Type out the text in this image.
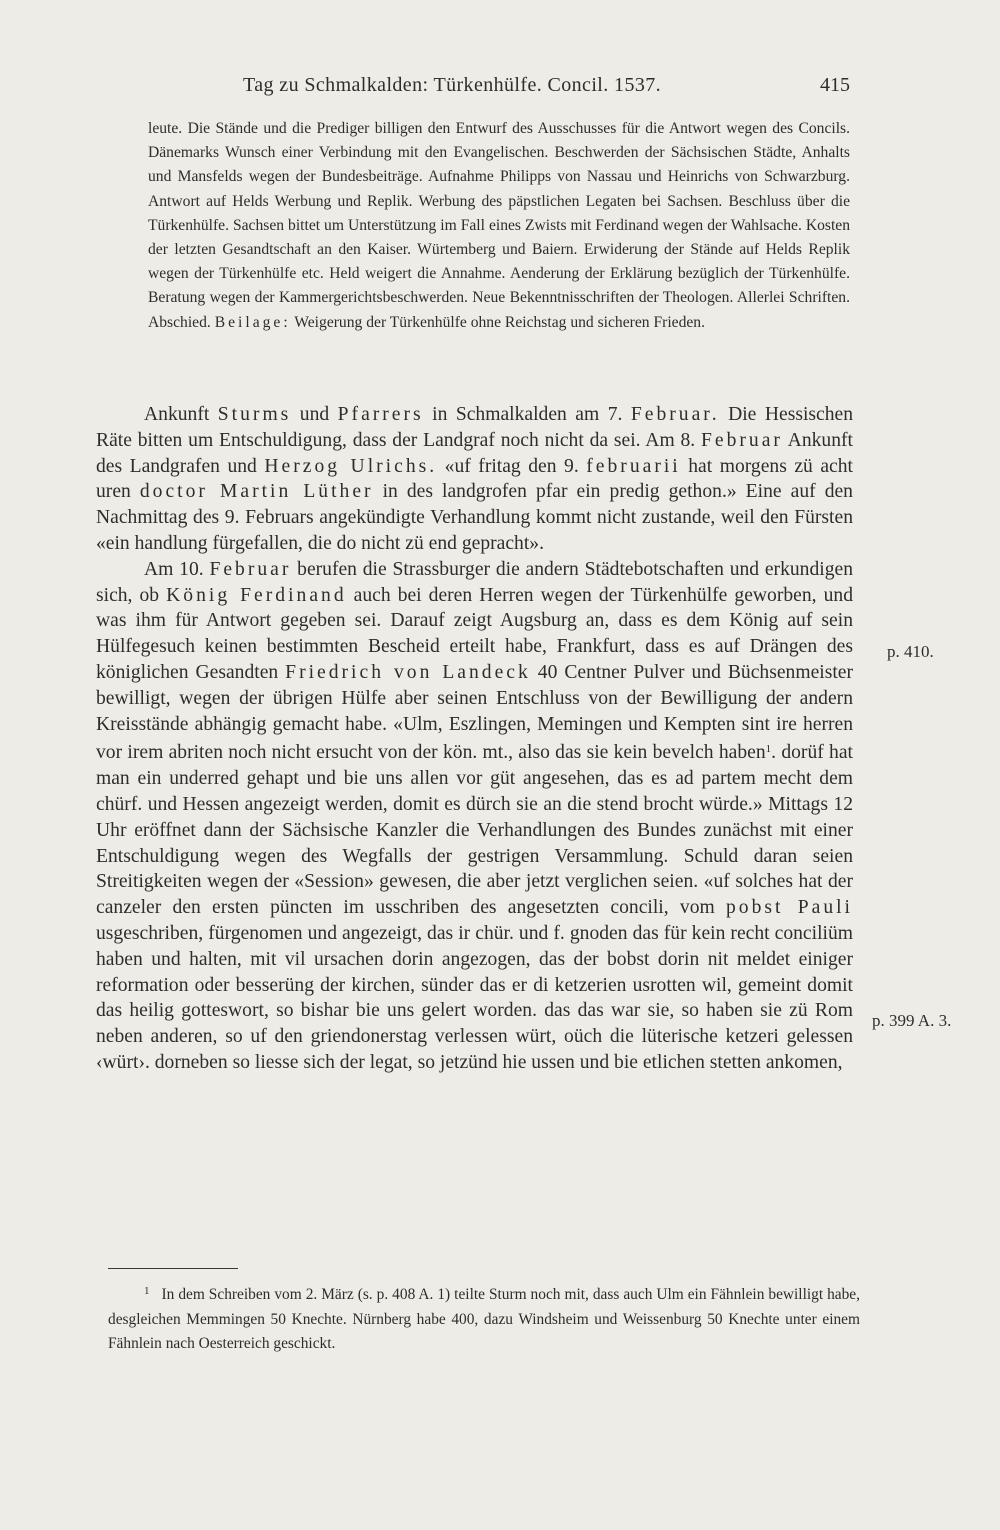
Tag zu Schmalkalden: Türkenhülfe. Concil. 1537.	415

leute. Die Stände und die Prediger billigen den Entwurf des Ausschusses für die Antwort wegen des Concils. Dänemarks Wunsch einer Verbindung mit den Evangelischen. Beschwerden der Sächsischen Städte, Anhalts und Mansfelds wegen der Bundesbeiträge. Aufnahme Philipps von Nassau und Heinrichs von Schwarzburg. Antwort auf Helds Werbung und Replik. Werbung des päpstlichen Legaten bei Sachsen. Beschluss über die Türkenhülfe. Sachsen bittet um Unterstützung im Fall eines Zwists mit Ferdinand wegen der Wahlsache. Kosten der letzten Gesandtschaft an den Kaiser. Würtemberg und Baiern. Erwiderung der Stände auf Helds Replik wegen der Türkenhülfe etc. Held weigert die Annahme. Aenderung der Erklärung bezüglich der Türkenhülfe. Beratung wegen der Kammergerichtsbeschwerden. Neue Bekenntnisschriften der Theologen. Allerlei Schriften. Abschied. Beilage: Weigerung der Türkenhülfe ohne Reichstag und sicheren Frieden.

Ankunft Sturms und Pfarrers in Schmalkalden am 7. Februar. Die Hessischen Räte bitten um Entschuldigung, dass der Landgraf noch nicht da sei. Am 8. Februar Ankunft des Landgrafen und Herzog Ulrichs. «uf fritag den 9. februarii hat morgens zü acht uren doctor Martin Lüther in des landgrofen pfar ein predig gethon.» Eine auf den Nachmittag des 9. Februars angekündigte Verhandlung kommt nicht zustande, weil den Fürsten «ein handlung fürgefallen, die do nicht zü end gepracht».

Am 10. Februar berufen die Strassburger die andern Städtebotschaften und erkundigen sich, ob König Ferdinand auch bei deren Herren wegen der Türkenhülfe geworben, und was ihm für Antwort gegeben sei. Darauf zeigt Augsburg an, dass es dem König auf sein Hülfegesuch keinen bestimmten Bescheid erteilt habe, Frankfurt, dass es auf Drängen des königlichen Gesandten Friedrich von Landeck 40 Centner Pulver und Büchsenmeister bewilligt, wegen der übrigen Hülfe aber seinen Entschluss von der Bewilligung der andern Kreisstände abhängig gemacht habe. «Ulm, Eszlingen, Memingen und Kempten sint ire herren vor irem abriten noch nicht ersucht von der kön. mt., also das sie kein bevelch haben$^1$. dorüf hat man ein underred gehapt und bie uns allen vor güt angesehen, das es ad partem mecht dem chürf. und Hessen angezeigt werden, domit es dürch sie an die stend brocht würde.» Mittags 12 Uhr eröffnet dann der Sächsische Kanzler die Verhandlungen des Bundes zunächst mit einer Entschuldigung wegen des Wegfalls der gestrigen Versammlung. Schuld daran seien Streitigkeiten wegen der «Session» gewesen, die aber jetzt verglichen seien. «uf solches hat der canzeler den ersten püncten im usschriben des angesetzten concili, vom pobst Pauli usgeschriben, fürgenomen und angezeigt, das ir chür. und f. gnoden das für kein recht conciliüm haben und halten, mit vil ursachen dorin angezogen, das der bobst dorin nit meldet einiger reformation oder besserüng der kirchen, sünder das er di ketzerien usrotten wil, gemeint domit das heilig gotteswort, so bishar bie uns gelert worden. das das war sie, so haben sie zü Rom neben anderen, so uf den griendonerstag verlessen würt, oüch die lüterische ketzeri gelessen ‹würt›. dorneben so liesse sich der legat, so jetzünd hie ussen und bie etlichen stetten ankomen,

p. 410.
p. 399 A. 3.

$^1$ In dem Schreiben vom 2. März (s. p. 408 A. 1) teilte Sturm noch mit, dass auch Ulm ein Fähnlein bewilligt habe, desgleichen Memmingen 50 Knechte. Nürnberg habe 400, dazu Windsheim und Weissenburg 50 Knechte unter einem Fähnlein nach Oesterreich geschickt.
